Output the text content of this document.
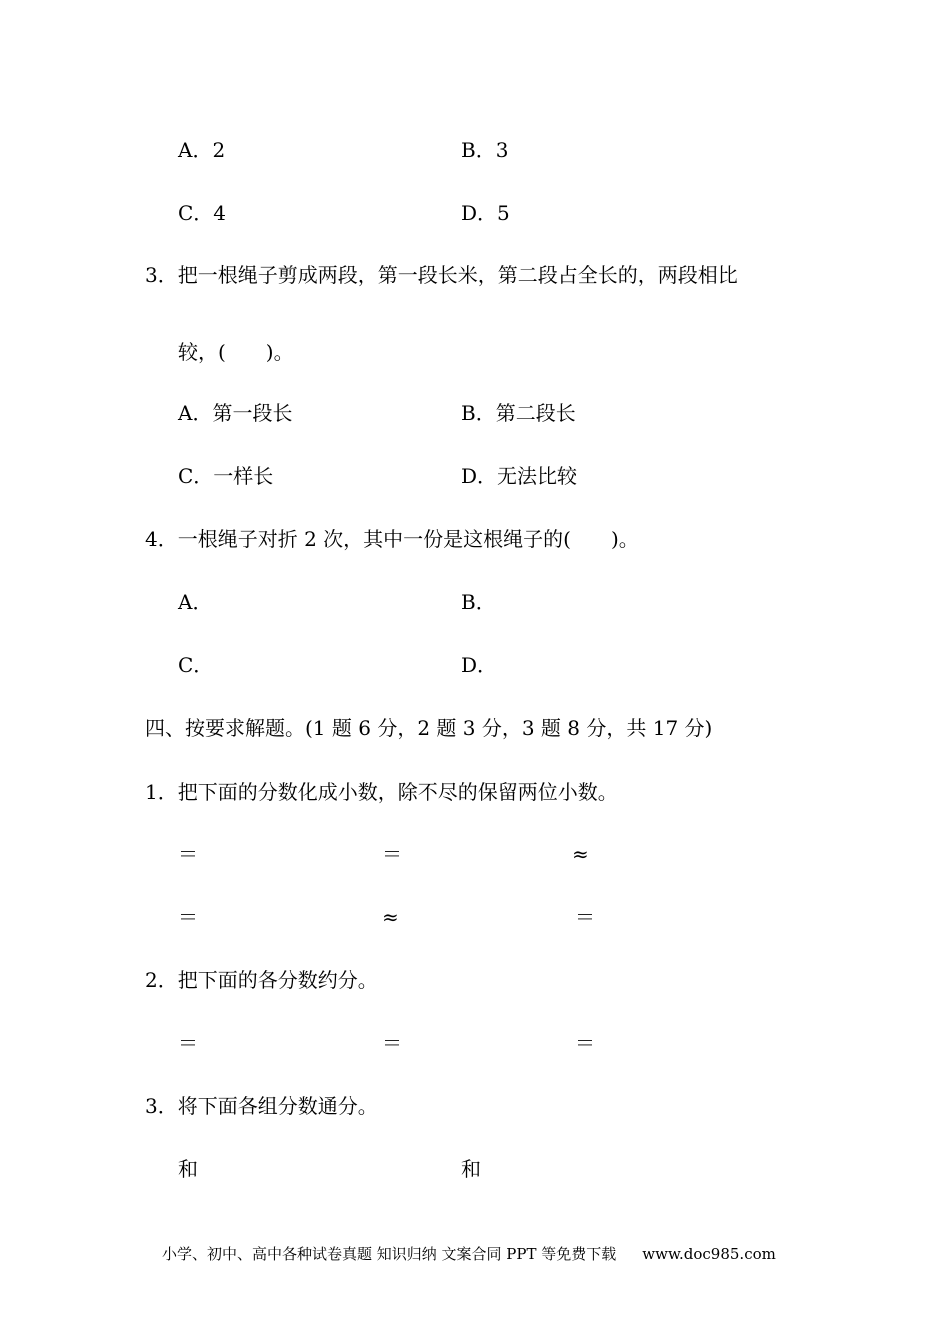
A．2	B．3
C．4	D．5
3．把一根绳子剪成两段，第一段长米，第二段占全长的，两段相比
较，(　　)。
A．第一段长	B．第二段长
C．一样长	D．无法比较
4．一根绳子对折 2 次，其中一份是这根绳子的(　　)。
A．	B．
C．	D．
四、按要求解题。(1 题 6 分，2 题 3 分，3 题 8 分，共 17 分)
1．把下面的分数化成小数，除不尽的保留两位小数。
＝	＝	≈
＝	≈	＝
2．把下面的各分数约分。
＝	＝	＝
3．将下面各组分数通分。
和	和
小学、初中、高中各种试卷真题 知识归纳 文案合同 PPT 等免费下载 www.doc985.com
